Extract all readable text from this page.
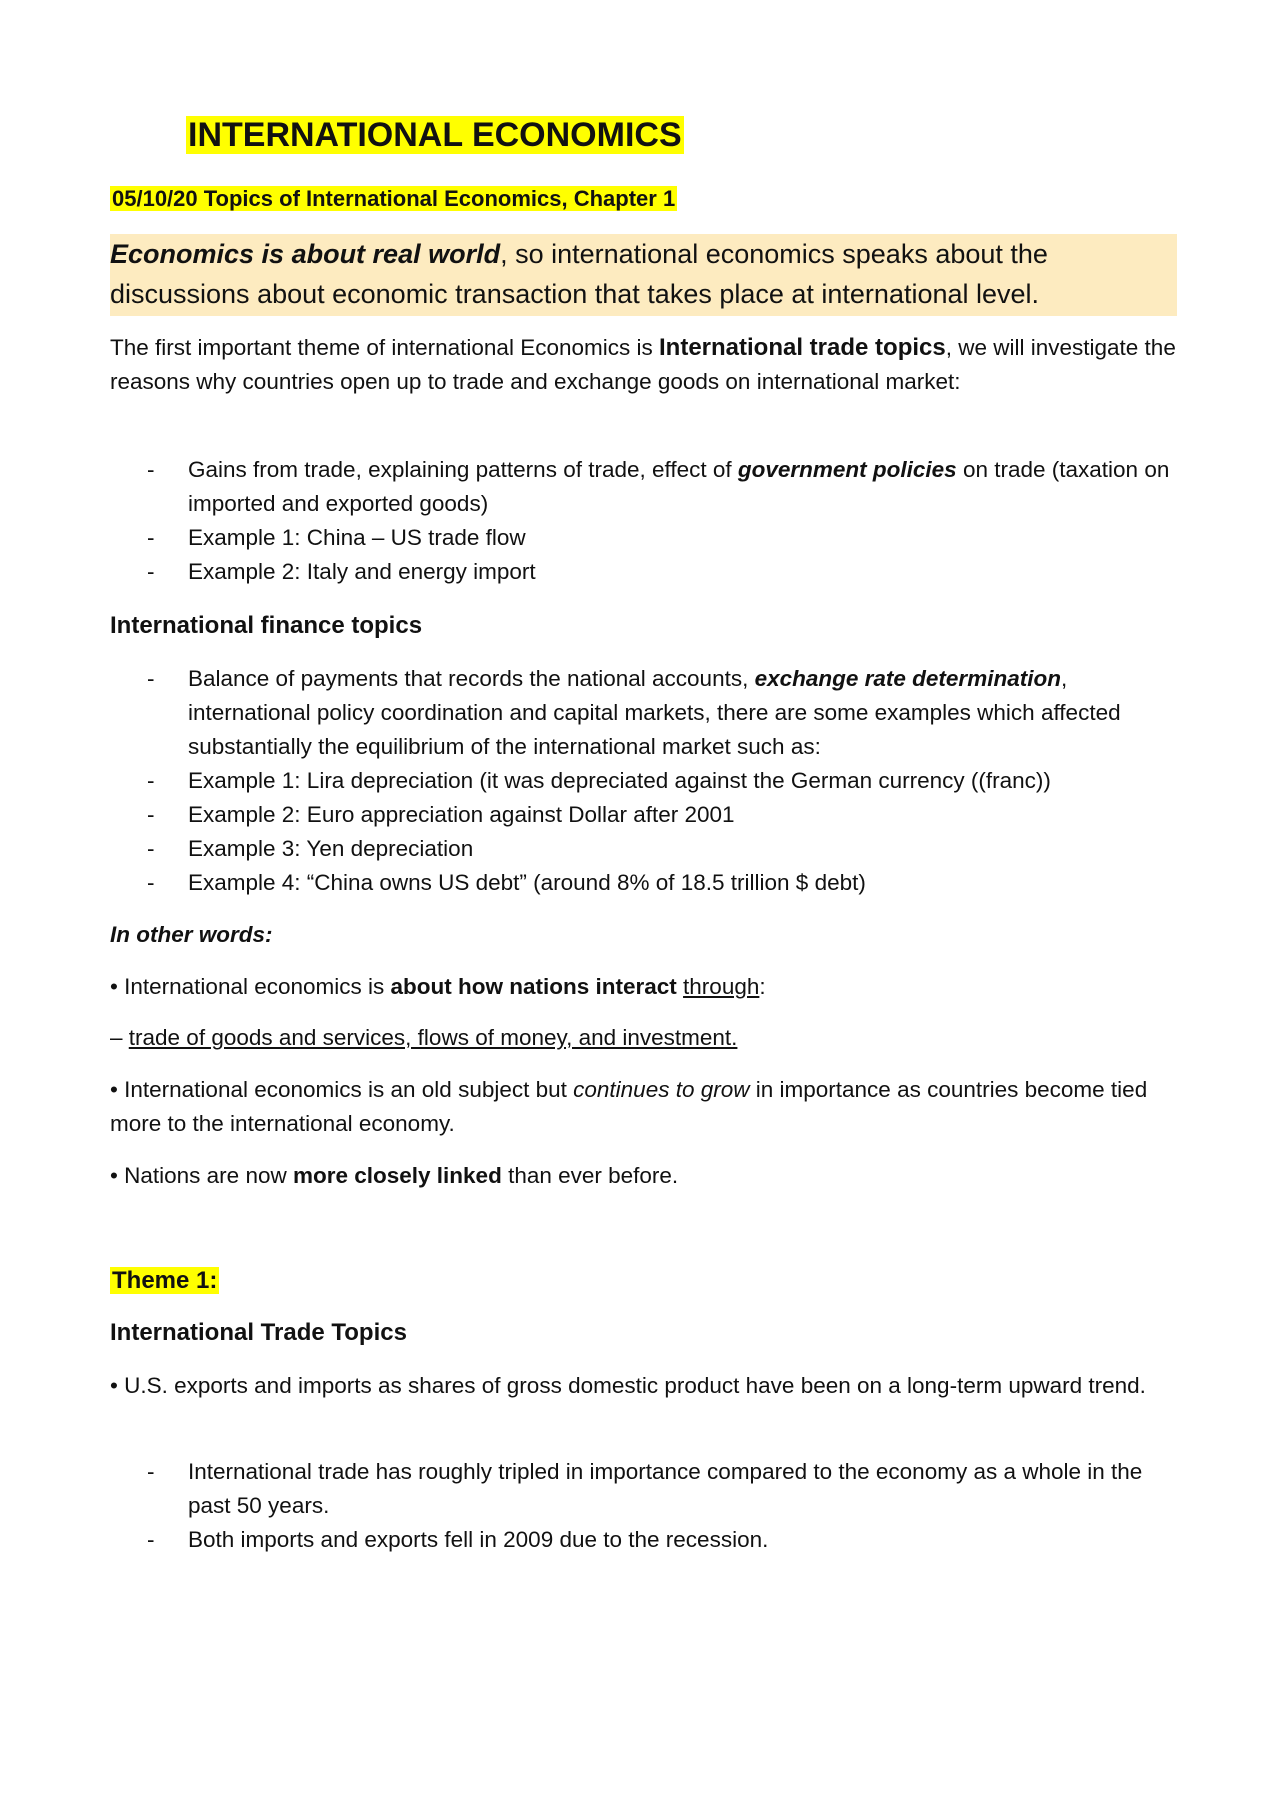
INTERNATIONAL ECONOMICS
05/10/20 Topics of International Economics, Chapter 1
Economics is about real world, so international economics speaks about the discussions about economic transaction that takes place at international level.
The first important theme of international Economics is International trade topics, we will investigate the reasons why countries open up to trade and exchange goods on international market:
- Gains from trade, explaining patterns of trade, effect of government policies on trade (taxation on imported and exported goods)
- Example 1: China – US trade flow
- Example 2: Italy and energy import
International finance topics
- Balance of payments that records the national accounts, exchange rate determination, international policy coordination and capital markets, there are some examples which affected substantially the equilibrium of the international market such as:
- Example 1: Lira depreciation (it was depreciated against the German currency ((franc))
- Example 2: Euro appreciation against Dollar after 2001
- Example 3: Yen depreciation
- Example 4: “China owns US debt” (around 8% of 18.5 trillion $ debt)
In other words:
• International economics is about how nations interact through:
– trade of goods and services, flows of money, and investment.
• International economics is an old subject but continues to grow in importance as countries become tied more to the international economy.
• Nations are now more closely linked than ever before.
Theme 1:
International Trade Topics
• U.S. exports and imports as shares of gross domestic product have been on a long-term upward trend.
- International trade has roughly tripled in importance compared to the economy as a whole in the past 50 years.
- Both imports and exports fell in 2009 due to the recession.
